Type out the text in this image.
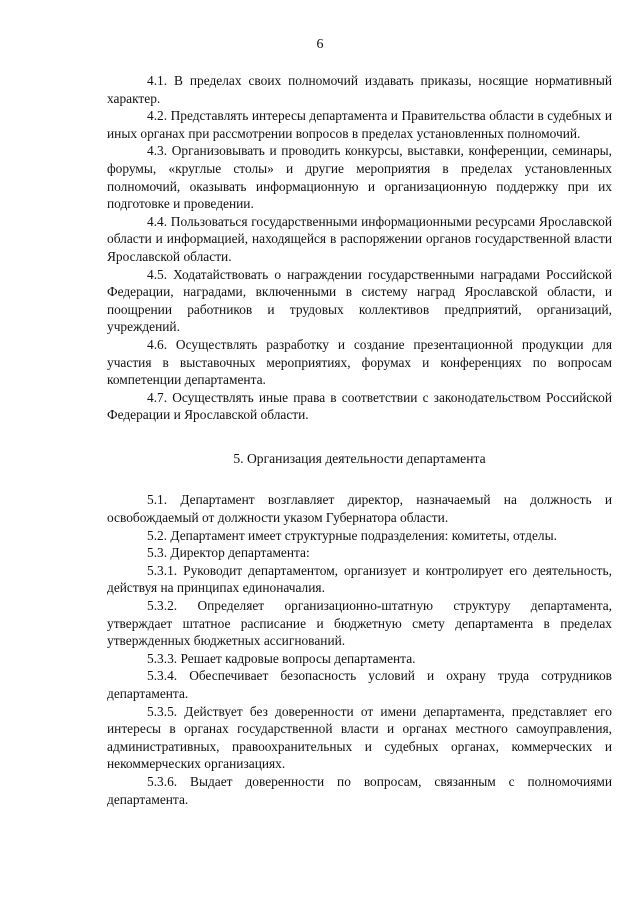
6

4.1. В пределах своих полномочий издавать приказы, носящие нормативный характер.

4.2. Представлять интересы департамента и Правительства области в судебных и иных органах при рассмотрении вопросов в пределах установленных полномочий.

4.3. Организовывать и проводить конкурсы, выставки, конференции, семинары, форумы, «круглые столы» и другие мероприятия в пределах установленных полномочий, оказывать информационную и организационную поддержку при их подготовке и проведении.

4.4. Пользоваться государственными информационными ресурсами Ярославской области и информацией, находящейся в распоряжении органов государственной власти Ярославской области.

4.5. Ходатайствовать о награждении государственными наградами Российской Федерации, наградами, включенными в систему наград Ярославской области, и поощрении работников и трудовых коллективов предприятий, организаций, учреждений.

4.6. Осуществлять разработку и создание презентационной продукции для участия в выставочных мероприятиях, форумах и конференциях по вопросам компетенции департамента.

4.7. Осуществлять иные права в соответствии с законодательством Российской Федерации и Ярославской области.

5. Организация деятельности департамента

5.1. Департамент возглавляет директор, назначаемый на должность и освобождаемый от должности указом Губернатора области.

5.2. Департамент имеет структурные подразделения: комитеты, отделы.

5.3. Директор департамента:

5.3.1. Руководит департаментом, организует и контролирует его деятельность, действуя на принципах единоначалия.

5.3.2. Определяет организационно-штатную структуру департамента, утверждает штатное расписание и бюджетную смету департамента в пределах утвержденных бюджетных ассигнований.

5.3.3. Решает кадровые вопросы департамента.

5.3.4. Обеспечивает безопасность условий и охрану труда сотрудников департамента.

5.3.5. Действует без доверенности от имени департамента, представляет его интересы в органах государственной власти и органах местного самоуправления, административных, правоохранительных и судебных органах, коммерческих и некоммерческих организациях.

5.3.6. Выдает доверенности по вопросам, связанным с полномочиями департамента.
